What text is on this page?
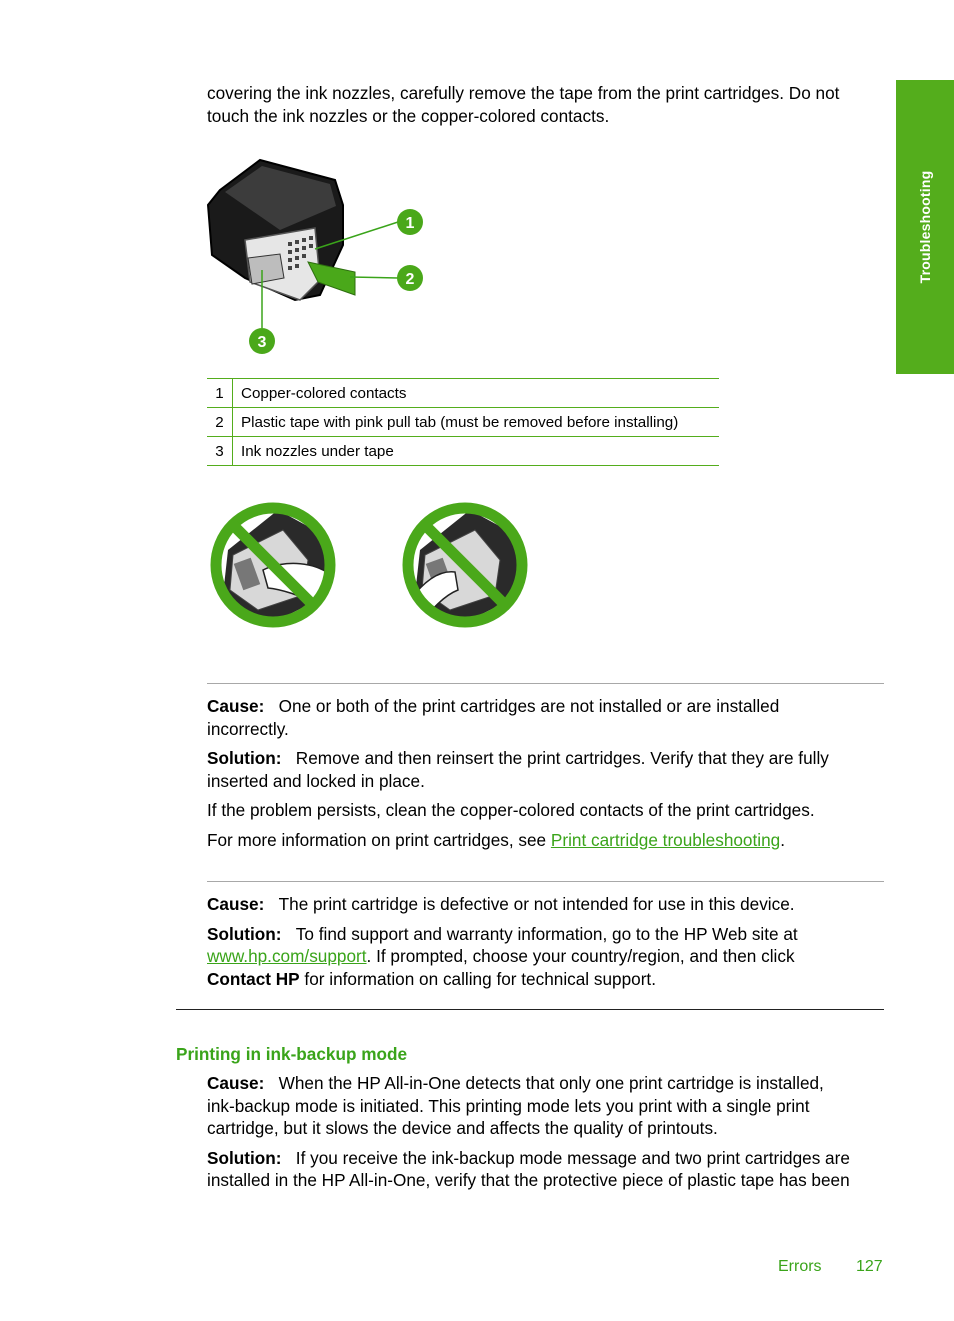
Troubleshooting
covering the ink nozzles, carefully remove the tape from the print cartridges. Do not
touch the ink nozzles or the copper-colored contacts.
1
2
3
1	Copper-colored contacts
2	Plastic tape with pink pull tab (must be removed before installing)
3	Ink nozzles under tape
Cause: One or both of the print cartridges are not installed or are installed
incorrectly.
Solution: Remove and then reinsert the print cartridges. Verify that they are fully
inserted and locked in place.
If the problem persists, clean the copper-colored contacts of the print cartridges.
For more information on print cartridges, see Print cartridge troubleshooting.
Cause: The print cartridge is defective or not intended for use in this device.
Solution: To find support and warranty information, go to the HP Web site at
www.hp.com/support. If prompted, choose your country/region, and then click
Contact HP for information on calling for technical support.
Printing in ink-backup mode
Cause: When the HP All-in-One detects that only one print cartridge is installed,
ink-backup mode is initiated. This printing mode lets you print with a single print
cartridge, but it slows the device and affects the quality of printouts.
Solution: If you receive the ink-backup mode message and two print cartridges are
installed in the HP All-in-One, verify that the protective piece of plastic tape has been
Errors 127
